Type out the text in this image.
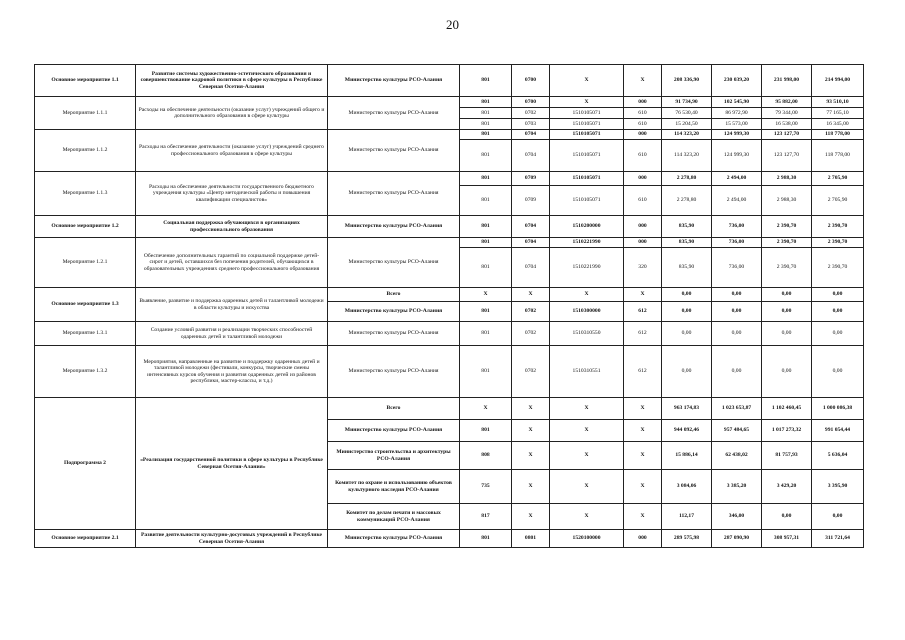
20
Основное мероприятие 1.1	Развитие системы художественно-эстетического образования и совершенствование кадровой политики в сфере культуры в Республике Северная Осетия-Алания	Министерство культуры РСО-Алания	801	0700	X	X	208 336,90	230 039,20	231 998,00	214 994,00
Мероприятие 1.1.1	Расходы на обеспечение деятельности (оказание услуг) учреждений общего и дополнительного образования в сфере культуры	Министерство культуры РСО-Алания	801	0700	X	000	91 734,90	102 545,90	95 882,00	93 510,10
			801	0702	1510105071	610	76 530,40	86 972,90	79 344,00	77 165,10
			801	0703	1510105071	610	15 204,50	15 573,00	16 538,00	16 345,00
Мероприятие 1.1.2	Расходы на обеспечение деятельности (оказание услуг) учреждений среднего профессионального образования в сфере культуры	Министерство культуры РСО-Алания	801	0704	1510105071	000	114 323,20	124 999,30	123 127,70	118 778,00
			801	0704	1510105071	610	114 323,20	124 999,30	123 127,70	118 778,00
Мероприятие 1.1.3	Расходы на обеспечение деятельности государственного бюджетного учреждения культуры «Центр методической работы и повышения квалификации специалистов»	Министерство культуры РСО-Алания	801	0709	1510105071	000	2 278,80	2 494,00	2 988,30	2 705,90
			801	0709	1510105071	610	2 278,80	2 494,00	2 988,30	2 705,90
Основное мероприятие 1.2	Социальная поддержка обучающихся в организациях профессионального образования	Министерство культуры РСО-Алания	801	0704	1510200000	000	835,90	736,00	2 390,70	2 390,70
Мероприятие 1.2.1	Обеспечение дополнительных гарантий по социальной поддержке детей-сирот и детей, оставшихся без попечения родителей, обучающихся в образовательных учреждениях среднего профессионального образования	Министерство культуры РСО-Алания	801	0704	1510221990	000	835,90	736,00	2 390,70	2 390,70
			801	0704	1510221990	320	835,90	736,00	2 390,70	2 390,70
Основное мероприятие 1.3	Выявление, развитие и поддержка одаренных детей и талантливой молодежи в области культуры и искусства	Всего	X	X	X	X	0,00	0,00	0,00	0,00
		Министерство культуры РСО-Алания	801	0702	1510300000	612	0,00	0,00	0,00	0,00
Мероприятие 1.3.1	Создание условий развития и реализации творческих способностей одаренных детей и талантливой молодежи	Министерство культуры РСО-Алания	801	0702	1510310550	612	0,00	0,00	0,00	0,00
Мероприятие 1.3.2	Мероприятия, направленные на развитие и поддержку одаренных детей и талантливой молодежи (фестивали, конкурсы, творческие смены интенсивных курсов обучения и развития одаренных детей из районов республики, мастер-классы, и т.д.)	Министерство культуры РСО-Алания	801	0702	1510310551	612	0,00	0,00	0,00	0,00
Подпрограмма 2	«Реализация государственной политики в сфере культуры в Республике Северная Осетия-Алания»	Всего	X	X	X	X	963 174,83	1 023 653,87	1 102 460,45	1 000 086,38
		Министерство культуры РСО-Алания	801	X	X	X	944 092,46	957 484,65	1 017 273,32	991 054,44
		Министерство строительства и архитектуры РСО-Алания	808	X	X	X	15 886,14	62 438,02	81 757,93	5 636,04
		Комитет по охране и использованию объектов культурного наследия РСО-Алания	735	X	X	X	3 084,06	3 385,20	3 429,20	3 395,90
		Комитет по делам печати и массовых коммуникаций РСО-Алания	817	X	X	X	112,17	346,00	0,00	0,00
Основное мероприятие 2.1	Развитие деятельности культурно-досуговых учреждений в Республике Северная Осетия-Алания	Министерство культуры РСО-Алания	801	0801	1520100000	000	289 575,98	287 090,90	308 957,31	311 721,64
